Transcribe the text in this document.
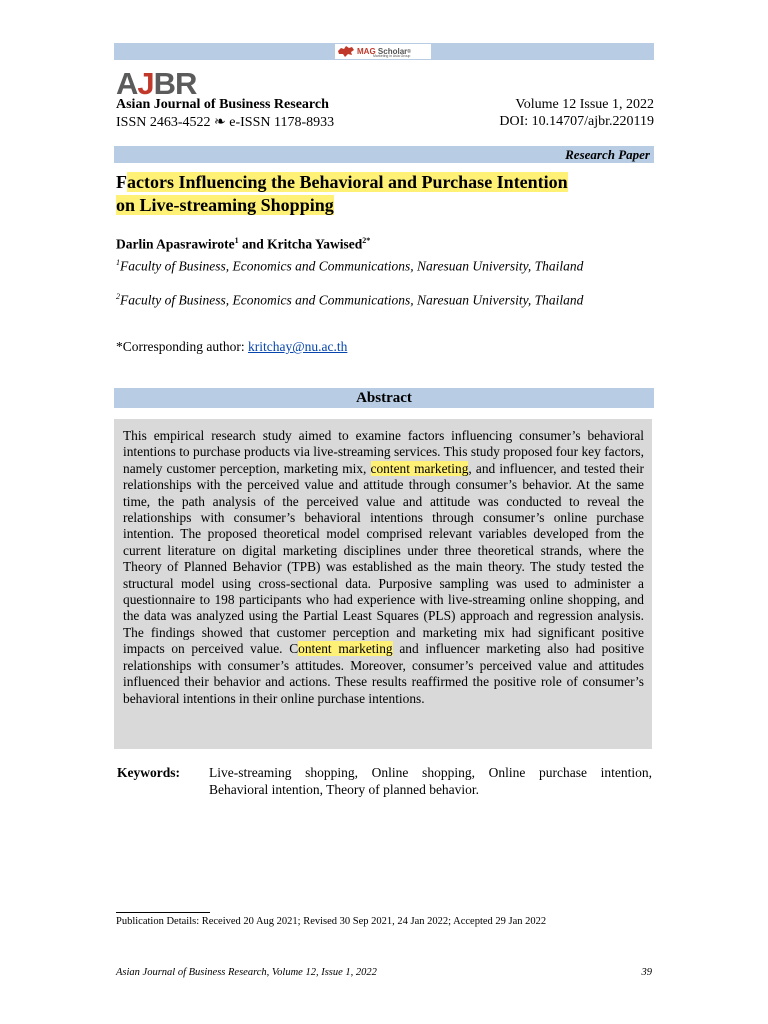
MAG Scholar®
Marketing in Asia Group
AJBR
Asian Journal of Business Research
ISSN 2463-4522 ❧ e-ISSN 1178-8933
Volume 12 Issue 1, 2022
DOI: 10.14707/ajbr.220119
Research Paper
Factors Influencing the Behavioral and Purchase Intention
on Live-streaming Shopping
Darlin Apasrawirote$^1$ and Kritcha Yawised$^{2*}$
$^1$Faculty of Business, Economics and Communications, Naresuan University, Thailand
$^2$Faculty of Business, Economics and Communications, Naresuan University, Thailand
*Corresponding author: kritchay@nu.ac.th
Abstract
This empirical research study aimed to examine factors influencing consumer’s behavioral intentions to purchase products via live-streaming services. This study proposed four key factors, namely customer perception, marketing mix, content marketing, and influencer, and tested their relationships with the perceived value and attitude through consumer’s behavior. At the same time, the path analysis of the perceived value and attitude was conducted to reveal the relationships with consumer’s behavioral intentions through consumer’s online purchase intention. The proposed theoretical model comprised relevant variables developed from the current literature on digital marketing disciplines under three theoretical strands, where the Theory of Planned Behavior (TPB) was established as the main theory. The study tested the structural model using cross-sectional data. Purposive sampling was used to administer a questionnaire to 198 participants who had experience with live-streaming online shopping, and the data was analyzed using the Partial Least Squares (PLS) approach and regression analysis. The findings showed that customer perception and marketing mix had significant positive impacts on perceived value. Content marketing and influencer marketing also had positive relationships with consumer’s attitudes. Moreover, consumer’s perceived value and attitudes influenced their behavior and actions. These results reaffirmed the positive role of consumer’s behavioral intentions in their online purchase intentions.
Keywords: Live-streaming shopping, Online shopping, Online purchase intention, Behavioral intention, Theory of planned behavior.
Publication Details: Received 20 Aug 2021; Revised 30 Sep 2021, 24 Jan 2022; Accepted 29 Jan 2022
Asian Journal of Business Research, Volume 12, Issue 1, 2022	39
